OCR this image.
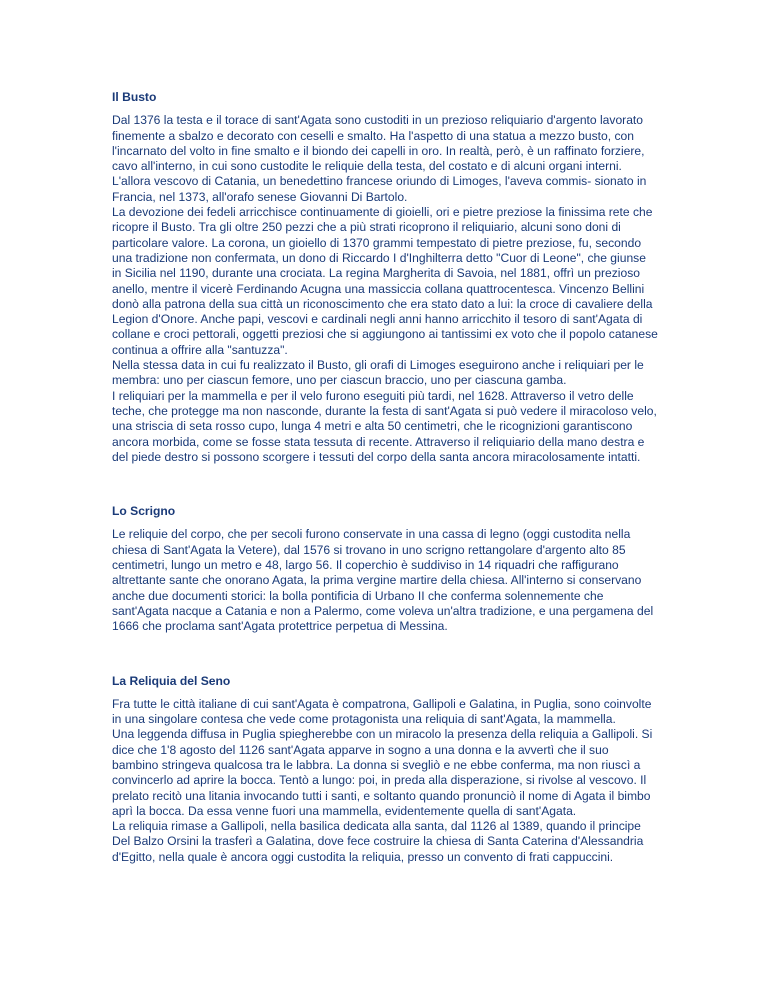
Il Busto

Dal 1376 la testa e il torace di sant'Agata sono custoditi in un prezioso reliquiario d'argento lavorato finemente a sbalzo e decorato con ceselli e smalto. Ha l'aspetto di una statua a mezzo busto, con l'incarnato del volto in fine smalto e il biondo dei capelli in oro. In realtà, però, è un raffinato forziere, cavo all'interno, in cui sono custodite le reliquie della testa, del costato e di alcuni organi interni. L'allora vescovo di Catania, un benedettino francese oriundo di Limoges, l'aveva commis- sionato in Francia, nel 1373, all'orafo senese Giovanni Di Bartolo.

La devozione dei fedeli arricchisce continuamente di gioielli, ori e pietre preziose la finissima rete che ricopre il Busto. Tra gli oltre 250 pezzi che a più strati ricoprono il reliquiario, alcuni sono doni di particolare valore. La corona, un gioiello di 1370 grammi tempestato di pietre preziose, fu, secondo una tradizione non confermata, un dono di Riccardo I d'Inghilterra detto "Cuor di Leone", che giunse in Sicilia nel 1190, durante una crociata. La regina Margherita di Savoia, nel 1881, offrì un prezioso anello, mentre il vicerè Ferdinando Acugna una massiccia collana quattrocentesca. Vincenzo Bellini donò alla patrona della sua città un riconoscimento che era stato dato a lui: la croce di cavaliere della Legion d'Onore. Anche papi, vescovi e cardinali negli anni hanno arricchito il tesoro di sant'Agata di collane e croci pettorali, oggetti preziosi che si aggiungono ai tantissimi ex voto che il popolo catanese continua a offrire alla "santuzza".

Nella stessa data in cui fu realizzato il Busto, gli orafi di Limoges eseguirono anche i reliquiari per le membra: uno per ciascun femore, uno per ciascun braccio, uno per ciascuna gamba.

I reliquiari per la mammella e per il velo furono eseguiti più tardi, nel 1628. Attraverso il vetro delle teche, che protegge ma non nasconde, durante la festa di sant'Agata si può vedere il miracoloso velo, una striscia di seta rosso cupo, lunga 4 metri e alta 50 centimetri, che le ricognizioni garantiscono ancora morbida, come se fosse stata tessuta di recente. Attraverso il reliquiario della mano destra e del piede destro si possono scorgere i tessuti del corpo della santa ancora miracolosamente intatti.

Lo Scrigno

Le reliquie del corpo, che per secoli furono conservate in una cassa di legno (oggi custodita nella chiesa di Sant'Agata la Vetere), dal 1576 si trovano in uno scrigno rettangolare d'argento alto 85 centimetri, lungo un metro e 48, largo 56. Il coperchio è suddiviso in 14 riquadri che raffigurano altrettante sante che onorano Agata, la prima vergine martire della chiesa. All'interno si conservano anche due documenti storici: la bolla pontificia di Urbano II che conferma solennemente che sant'Agata nacque a Catania e non a Palermo, come voleva un'altra tradizione, e una pergamena del 1666 che proclama sant'Agata protettrice perpetua di Messina.

La Reliquia del Seno

Fra tutte le città italiane di cui sant'Agata è compatrona, Gallipoli e Galatina, in Puglia, sono coinvolte in una singolare contesa che vede come protagonista una reliquia di sant'Agata, la mammella.

Una leggenda diffusa in Puglia spiegherebbe con un miracolo la presenza della reliquia a Gallipoli. Si dice che 1'8 agosto del 1126 sant'Agata apparve in sogno a una donna e la avvertì che il suo bambino stringeva qualcosa tra le labbra. La donna si svegliò e ne ebbe conferma, ma non riuscì a convincerlo ad aprire la bocca. Tentò a lungo: poi, in preda alla disperazione, si rivolse al vescovo. Il prelato recitò una litania invocando tutti i santi, e soltanto quando pronunciò il nome di Agata il bimbo aprì la bocca. Da essa venne fuori una mammella, evidentemente quella di sant'Agata.

La reliquia rimase a Gallipoli, nella basilica dedicata alla santa, dal 1126 al 1389, quando il principe Del Balzo Orsini la trasferì a Galatina, dove fece costruire la chiesa di Santa Caterina d'Alessandria d'Egitto, nella quale è ancora oggi custodita la reliquia, presso un convento di frati cappuccini.
